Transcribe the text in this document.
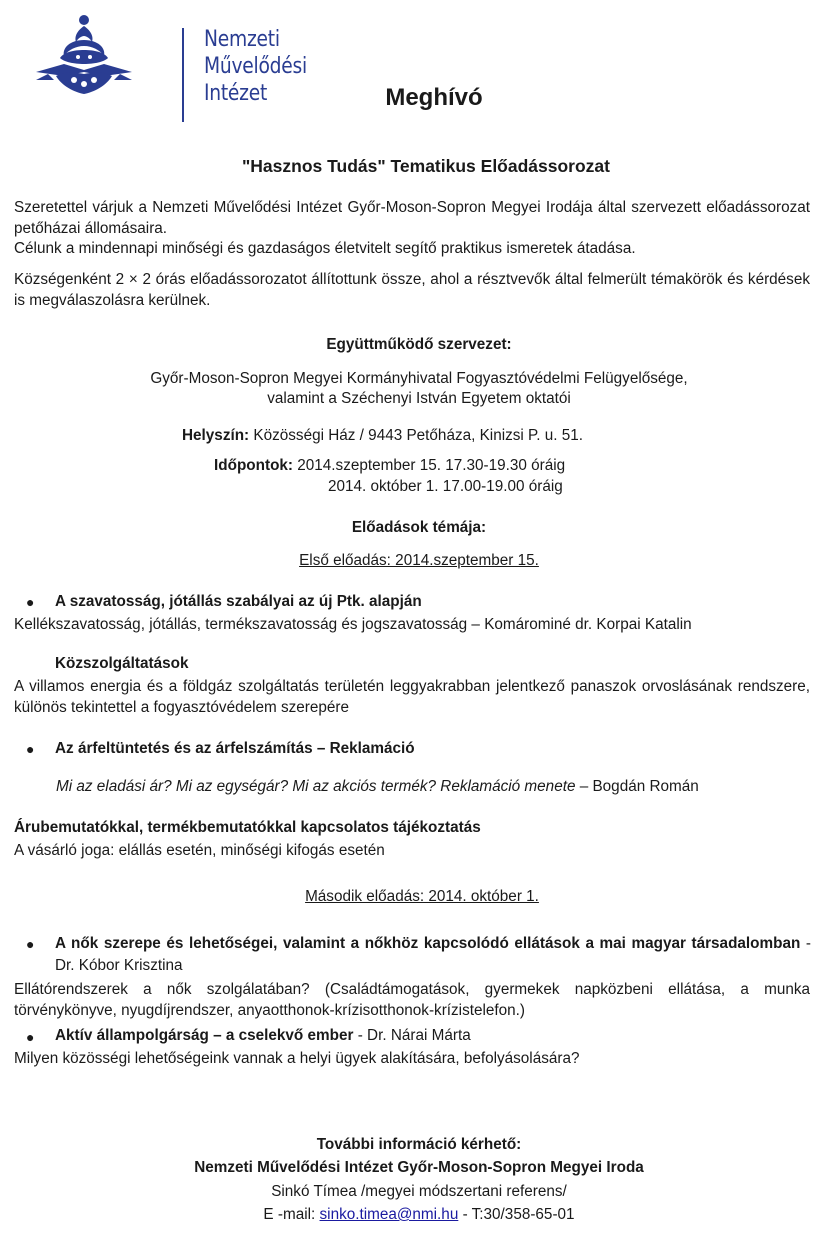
Nemzeti
Művelődési
Intézet	Meghívó
"Hasznos Tudás" Tematikus Előadássorozat
Szeretettel várjuk a Nemzeti Művelődési Intézet Győr-Moson-Sopron Megyei Irodája által szervezett előadássorozat petőházai állomásaira.
Célunk a mindennapi minőségi és gazdaságos életvitelt segítő praktikus ismeretek átadása.
Községenként 2 × 2 órás előadássorozatot állítottunk össze, ahol a résztvevők által felmerült témakörök és kérdések is megválaszolásra kerülnek.
Együttműködő szervezet:
Győr-Moson-Sopron Megyei Kormányhivatal Fogyasztóvédelmi Felügyelősége,
valamint a Széchenyi István Egyetem oktatói
Helyszín: Közösségi Ház / 9443 Petőháza, Kinizsi P. u. 51.
Időpontok: 2014.szeptember 15. 17.30-19.30 óráig
2014. október 1. 17.00-19.00 óráig
Előadások témája:
Első előadás: 2014.szeptember 15.
● A szavatosság, jótállás szabályai az új Ptk. alapján
Kellékszavatosság, jótállás, termékszavatosság és jogszavatosság – Komárominé dr. Korpai Katalin
Közszolgáltatások
A villamos energia és a földgáz szolgáltatás területén leggyakrabban jelentkező panaszok orvoslásának rendszere, különös tekintettel a fogyasztóvédelem szerepére
● Az árfeltüntetés és az árfelszámítás – Reklamáció
Mi az eladási ár? Mi az egységár? Mi az akciós termék? Reklamáció menete – Bogdán Román
Árubemutatókkal, termékbemutatókkal kapcsolatos tájékoztatás
A vásárló joga: elállás esetén, minőségi kifogás esetén
Második előadás: 2014. október 1.
● A nők szerepe és lehetőségei, valamint a nőkhöz kapcsolódó ellátások a mai magyar társadalomban - Dr. Kóbor Krisztina
Ellátórendszerek a nők szolgálatában? (Családtámogatások, gyermekek napközbeni ellátása, a munka törvénykönyve, nyugdíjrendszer, anyaotthonok-krízisotthonok-krízistelefon.)
● Aktív állampolgárság – a cselekvő ember - Dr. Nárai Márta
Milyen közösségi lehetőségeink vannak a helyi ügyek alakítására, befolyásolására?
További információ kérhető:
Nemzeti Művelődési Intézet Győr-Moson-Sopron Megyei Iroda
Sinkó Tímea /megyei módszertani referens/
E -mail: sinko.timea@nmi.hu - T:30/358-65-01
